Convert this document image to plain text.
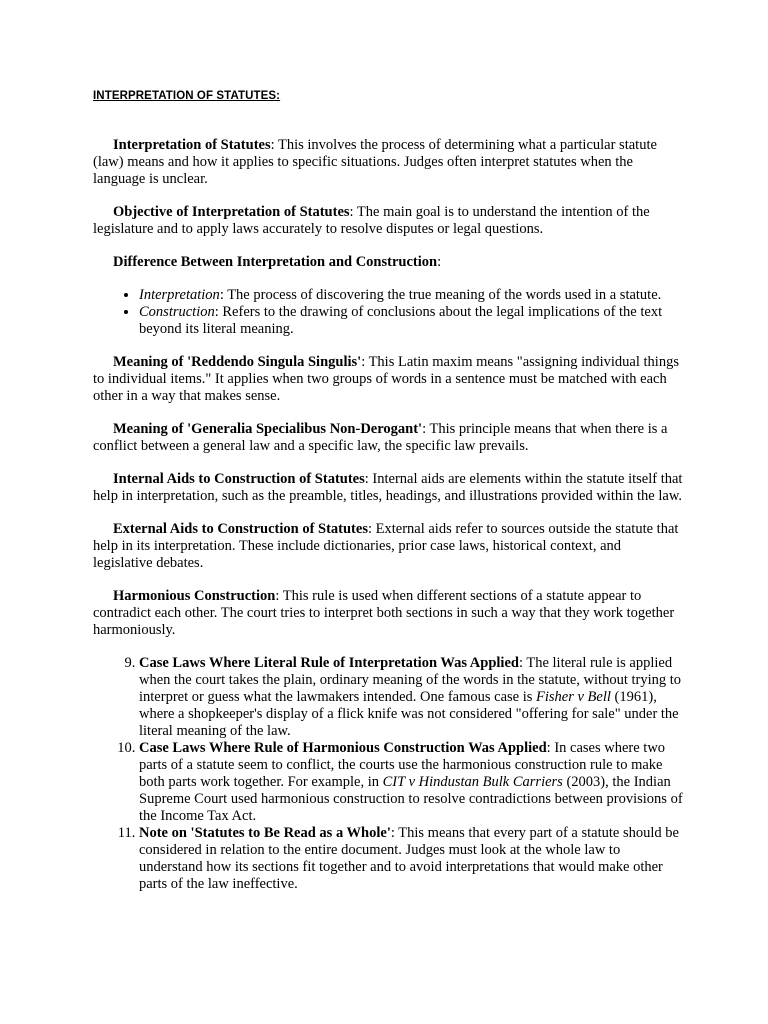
INTERPRETATION OF STATUTES:

Interpretation of Statutes: This involves the process of determining what a particular statute (law) means and how it applies to specific situations. Judges often interpret statutes when the language is unclear.

Objective of Interpretation of Statutes: The main goal is to understand the intention of the legislature and to apply laws accurately to resolve disputes or legal questions.

Difference Between Interpretation and Construction:

• Interpretation: The process of discovering the true meaning of the words used in a statute.
• Construction: Refers to the drawing of conclusions about the legal implications of the text beyond its literal meaning.

Meaning of 'Reddendo Singula Singulis': This Latin maxim means "assigning individual things to individual items." It applies when two groups of words in a sentence must be matched with each other in a way that makes sense.

Meaning of 'Generalia Specialibus Non-Derogant': This principle means that when there is a conflict between a general law and a specific law, the specific law prevails.

Internal Aids to Construction of Statutes: Internal aids are elements within the statute itself that help in interpretation, such as the preamble, titles, headings, and illustrations provided within the law.

External Aids to Construction of Statutes: External aids refer to sources outside the statute that help in its interpretation. These include dictionaries, prior case laws, historical context, and legislative debates.

Harmonious Construction: This rule is used when different sections of a statute appear to contradict each other. The court tries to interpret both sections in such a way that they work together harmoniously.

9. Case Laws Where Literal Rule of Interpretation Was Applied: The literal rule is applied when the court takes the plain, ordinary meaning of the words in the statute, without trying to interpret or guess what the lawmakers intended. One famous case is Fisher v Bell (1961), where a shopkeeper's display of a flick knife was not considered "offering for sale" under the literal meaning of the law.
10. Case Laws Where Rule of Harmonious Construction Was Applied: In cases where two parts of a statute seem to conflict, the courts use the harmonious construction rule to make both parts work together. For example, in CIT v Hindustan Bulk Carriers (2003), the Indian Supreme Court used harmonious construction to resolve contradictions between provisions of the Income Tax Act.
11. Note on 'Statutes to Be Read as a Whole': This means that every part of a statute should be considered in relation to the entire document. Judges must look at the whole law to understand how its sections fit together and to avoid interpretations that would make other parts of the law ineffective.
